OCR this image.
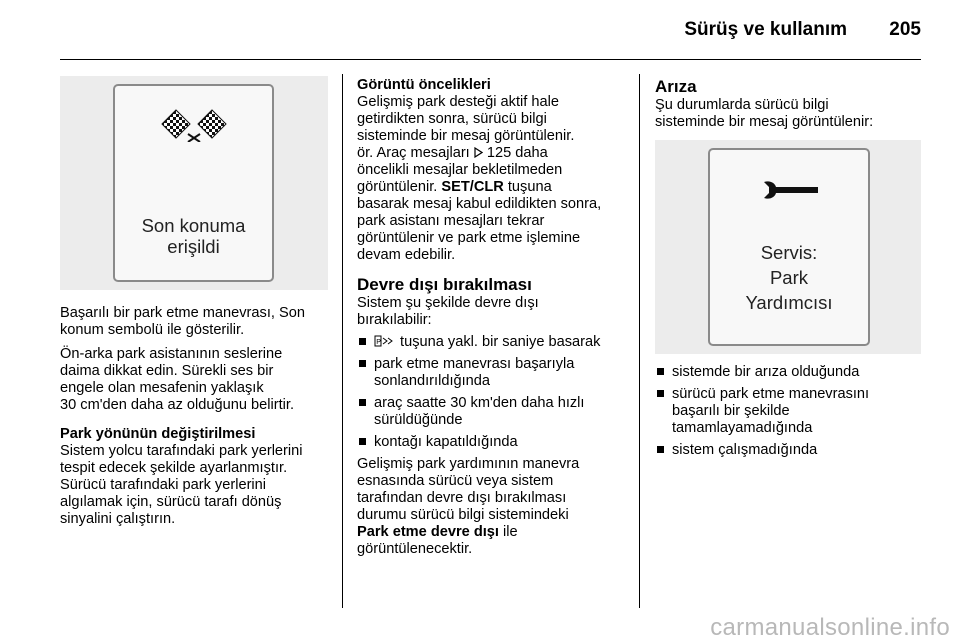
Sürüş ve kullanım 205
Son konuma
erişildi

Başarılı bir park etme manevrası, Son

konum sembolü ile gösterilir.

Ön-arka park asistanının seslerine

daima dikkat edin. Sürekli ses bir

engele olan mesafenin yaklaşık

30 cm'den daha az olduğunu belirtir.

Park yönünün değiştirilmesi

Sistem yolcu tarafındaki park yerlerini

tespit edecek şekilde ayarlanmıştır.

Sürücü tarafındaki park yerlerini

algılamak için, sürücü tarafı dönüş

sinyalini çalıştırın.

Görüntü öncelikleri

Gelişmiş park desteği aktif hale

getirdikten sonra, sürücü bilgi

sisteminde bir mesaj görüntülenir.

ör. Araç mesajları  125 daha

öncelikli mesajlar bekletilmeden

görüntülenir. SET/CLR tuşuna

basarak mesaj kabul edildikten sonra,

park asistanı mesajları tekrar

görüntülenir ve park etme işlemine

devam edebilir.

Devre dışı bırakılması

Sistem şu şekilde devre dışı

bırakılabilir:

P tuşuna yakl. bir saniye basarak

park etme manevrası başarıyla

sonlandırıldığında

araç saatte 30 km'den daha hızlı

sürüldüğünde

kontağı kapatıldığında

Gelişmiş park yardımının manevra

esnasında sürücü veya sistem

tarafından devre dışı bırakılması

durumu sürücü bilgi sistemindeki

Park etme devre dışı ile

görüntülenecektir.

Arıza

Şu durumlarda sürücü bilgi

sisteminde bir mesaj görüntülenir:

Servis:
Park
Yardımcısı

sistemde bir arıza olduğunda

sürücü park etme manevrasını

başarılı bir şekilde

tamamlayamadığında

sistem çalışmadığında

carmanualsonline.info
